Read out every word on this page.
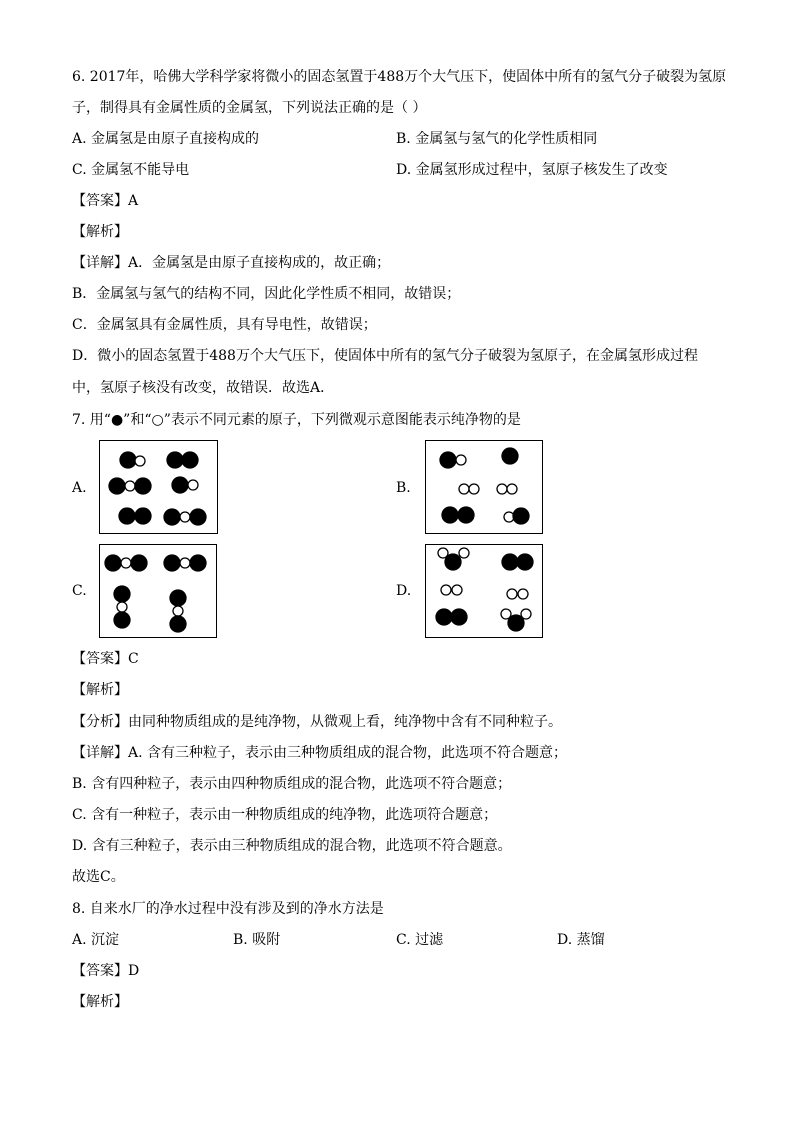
6. 2017年，哈佛大学科学家将微小的固态氢置于488万个大气压下，使固体中所有的氢气分子破裂为氢原
子，制得具有金属性质的金属氢，下列说法正确的是（ ）
A. 金属氢是由原子直接构成的	B. 金属氢与氢气的化学性质相同
C. 金属氢不能导电	D. 金属氢形成过程中，氢原子核发生了改变
【答案】A
【解析】
【详解】A．金属氢是由原子直接构成的，故正确；
B．金属氢与氢气的结构不同，因此化学性质不相同，故错误；
C．金属氢具有金属性质，具有导电性，故错误；
D．微小的固态氢置于488万个大气压下，使固体中所有的氢气分子破裂为氢原子，在金属氢形成过程
中，氢原子核没有改变，故错误．故选A．
7. 用“●”和“○”表示不同元素的原子，下列微观示意图能表示纯净物的是
A.	B.
C.	D.
【答案】C
【解析】
【分析】由同种物质组成的是纯净物，从微观上看，纯净物中含有不同种粒子。
【详解】A. 含有三种粒子，表示由三种物质组成的混合物，此选项不符合题意；
B. 含有四种粒子，表示由四种物质组成的混合物，此选项不符合题意；
C. 含有一种粒子，表示由一种物质组成的纯净物，此选项符合题意；
D. 含有三种粒子，表示由三种物质组成的混合物，此选项不符合题意。
故选C。
8. 自来水厂的净水过程中没有涉及到的净水方法是
A. 沉淀	B. 吸附	C. 过滤	D. 蒸馏
【答案】D
【解析】
